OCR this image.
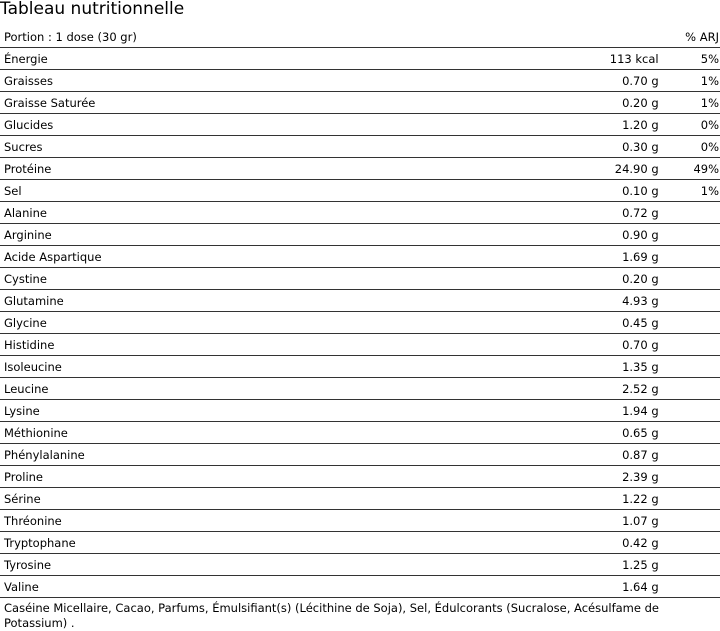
Tableau nutritionnelle
Portion : 1 dose (30 gr)		% ARJ
Énergie	113 kcal	5%
Graisses	0.70 g	1%
Graisse Saturée	0.20 g	1%
Glucides	1.20 g	0%
Sucres	0.30 g	0%
Protéine	24.90 g	49%
Sel	0.10 g	1%
Alanine	0.72 g	
Arginine	0.90 g	
Acide Aspartique	1.69 g	
Cystine	0.20 g	
Glutamine	4.93 g	
Glycine	0.45 g	
Histidine	0.70 g	
Isoleucine	1.35 g	
Leucine	2.52 g	
Lysine	1.94 g	
Méthionine	0.65 g	
Phénylalanine	0.87 g	
Proline	2.39 g	
Sérine	1.22 g	
Thréonine	1.07 g	
Tryptophane	0.42 g	
Tyrosine	1.25 g	
Valine	1.64 g	
Caséine Micellaire, Cacao, Parfums, Émulsifiant(s) (Lécithine de Soja), Sel, Édulcorants (Sucralose, Acésulfame de Potassium) .
